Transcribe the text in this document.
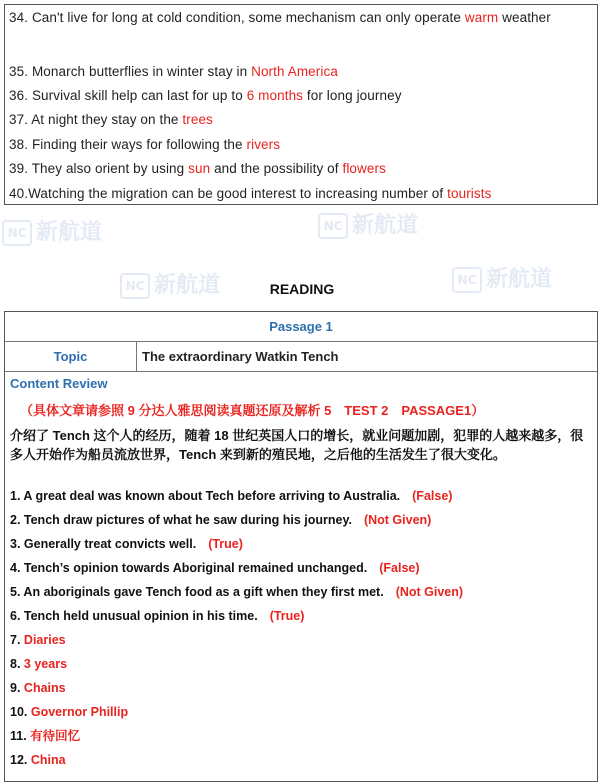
NC 新航道	NC 新航道
NC 新航道	NC 新航道
34. Can't live for long at cold condition, some mechanism can only operate warm weather
35. Monarch butterflies in winter stay in North America
36. Survival skill help can last for up to 6 months for long journey
37. At night they stay on the trees
38. Finding their ways for following the rivers
39. They also orient by using sun and the possibility of flowers
40.Watching the migration can be good interest to increasing number of tourists
READING
Passage 1
Topic	The extraordinary Watkin Tench
Content Review
（具体文章请参照 9 分达人雅思阅读真题还原及解析 5　TEST 2　PASSAGE1）
介绍了 Tench 这个人的经历，随着 18 世纪英国人口的增长，就业问题加剧，犯罪的人越来越多，很多人开始作为船员流放世界，Tench 来到新的殖民地，之后他的生活发生了很大变化。
1. A great deal was known about Tech before arriving to Australia. (False)
2. Tench draw pictures of what he saw during his journey. (Not Given)
3. Generally treat convicts well. (True)
4. Tench’s opinion towards Aboriginal remained unchanged. (False)
5. An aboriginals gave Tench food as a gift when they first met. (Not Given)
6. Tench held unusual opinion in his time. (True)
7. Diaries
8. 3 years
9. Chains
10. Governor Phillip
11. 有待回忆
12. China
